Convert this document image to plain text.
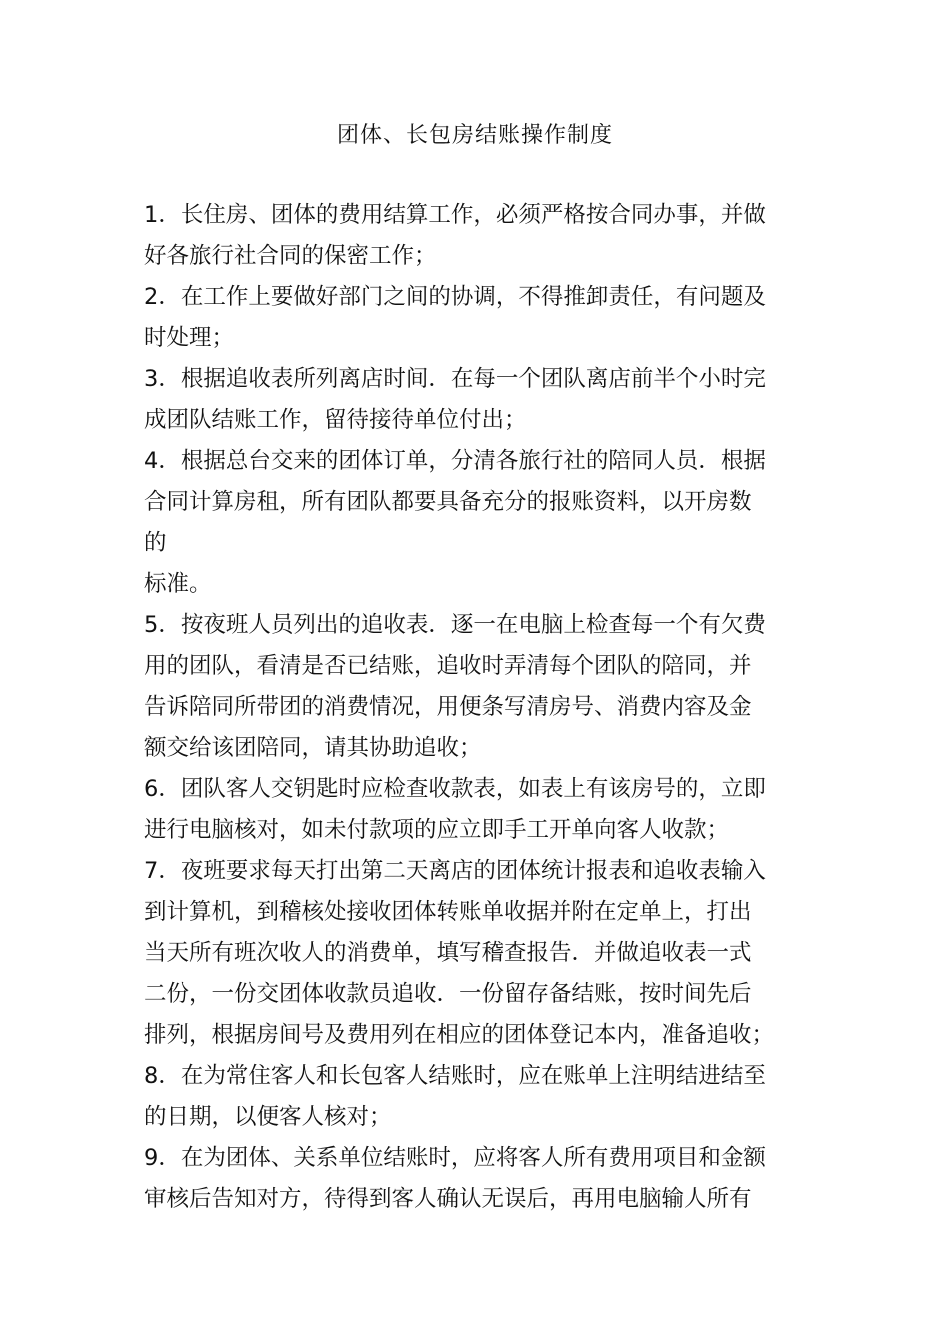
团体、长包房结账操作制度
1．长住房、团体的费用结算工作，必须严格按合同办事，并做
好各旅行社合同的保密工作；
2．在工作上要做好部门之间的协调，不得推卸责任，有问题及
时处理；
3．根据追收表所列离店时间．在每一个团队离店前半个小时完
成团队结账工作，留待接待单位付出；
4．根据总台交来的团体订单，分清各旅行社的陪同人员．根据
合同计算房租，所有团队都要具备充分的报账资料，以开房数
的
标准。
5．按夜班人员列出的追收表．逐一在电脑上检查每一个有欠费
用的团队，看清是否已结账，追收时弄清每个团队的陪同，并
告诉陪同所带团的消费情况，用便条写清房号、消费内容及金
额交给该团陪同，请其协助追收；
6．团队客人交钥匙时应检查收款表，如表上有该房号的，立即
进行电脑核对，如未付款项的应立即手工开单向客人收款；
7．夜班要求每天打出第二天离店的团体统计报表和追收表输入
到计算机，到稽核处接收团体转账单收据并附在定单上，打出
当天所有班次收人的消费单，填写稽查报告．并做追收表一式
二份，一份交团体收款员追收．一份留存备结账，按时间先后
排列，根据房间号及费用列在相应的团体登记本内，准备追收；
8．在为常住客人和长包客人结账时，应在账单上注明结进结至
的日期，以便客人核对；
9．在为团体、关系单位结账时，应将客人所有费用项目和金额
审核后告知对方，待得到客人确认无误后，再用电脑输人所有
